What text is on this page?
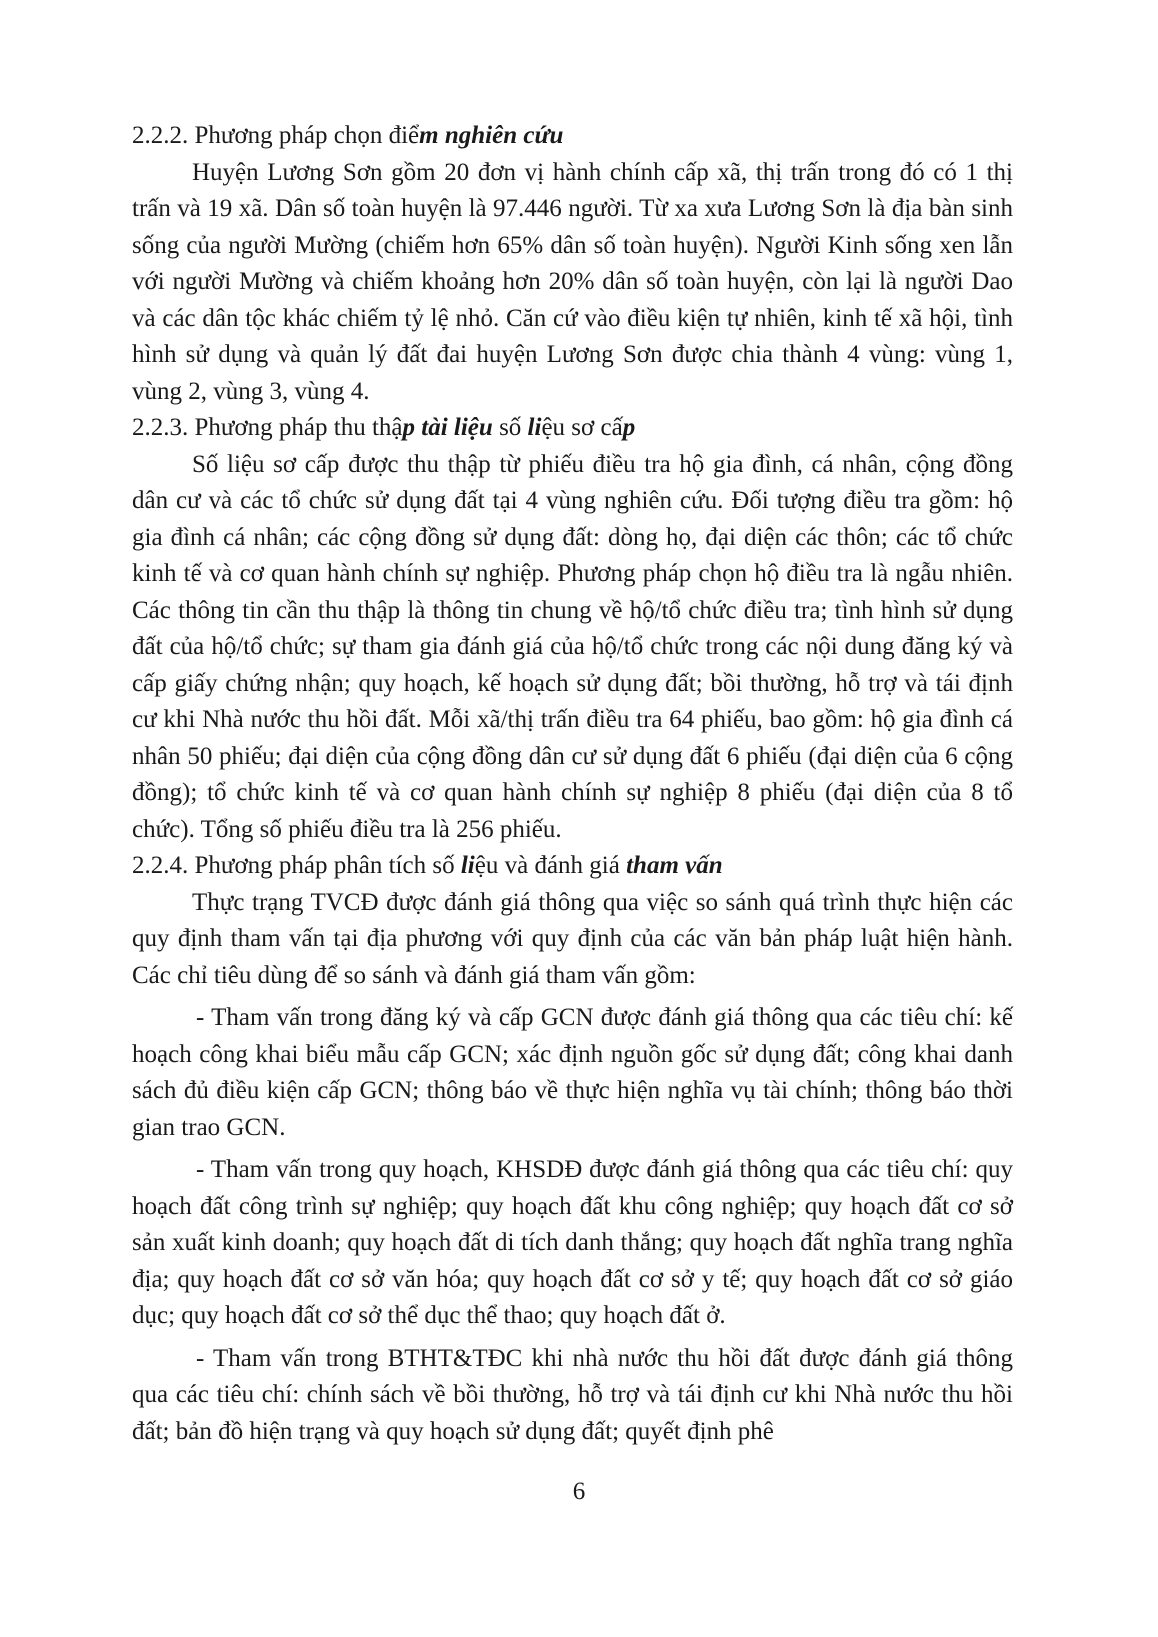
2.2.2. Phương pháp chọn điểm nghiên cứu

Huyện Lương Sơn gồm 20 đơn vị hành chính cấp xã, thị trấn trong đó có 1 thị trấn và 19 xã. Dân số toàn huyện là 97.446 người. Từ xa xưa Lương Sơn là địa bàn sinh sống của người Mường (chiếm hơn 65% dân số toàn huyện). Người Kinh sống xen lẫn với người Mường và chiếm khoảng hơn 20% dân số toàn huyện, còn lại là người Dao và các dân tộc khác chiếm tỷ lệ nhỏ. Căn cứ vào điều kiện tự nhiên, kinh tế xã hội, tình hình sử dụng và quản lý đất đai huyện Lương Sơn được chia thành 4 vùng: vùng 1, vùng 2, vùng 3, vùng 4.

2.2.3. Phương pháp thu thập tài liệu số liệu sơ cấp

Số liệu sơ cấp được thu thập từ phiếu điều tra hộ gia đình, cá nhân, cộng đồng dân cư và các tổ chức sử dụng đất tại 4 vùng nghiên cứu. Đối tượng điều tra gồm: hộ gia đình cá nhân; các cộng đồng sử dụng đất: dòng họ, đại diện các thôn; các tổ chức kinh tế và cơ quan hành chính sự nghiệp. Phương pháp chọn hộ điều tra là ngẫu nhiên. Các thông tin cần thu thập là thông tin chung về hộ/tổ chức điều tra; tình hình sử dụng đất của hộ/tổ chức; sự tham gia đánh giá của hộ/tổ chức trong các nội dung đăng ký và cấp giấy chứng nhận; quy hoạch, kế hoạch sử dụng đất; bồi thường, hỗ trợ và tái định cư khi Nhà nước thu hồi đất. Mỗi xã/thị trấn điều tra 64 phiếu, bao gồm: hộ gia đình cá nhân 50 phiếu; đại diện của cộng đồng dân cư sử dụng đất 6 phiếu (đại diện của 6 cộng đồng); tổ chức kinh tế và cơ quan hành chính sự nghiệp 8 phiếu (đại diện của 8 tổ chức). Tổng số phiếu điều tra là 256 phiếu.

2.2.4. Phương pháp phân tích số liệu và đánh giá tham vấn

Thực trạng TVCĐ được đánh giá thông qua việc so sánh quá trình thực hiện các quy định tham vấn tại địa phương với quy định của các văn bản pháp luật hiện hành. Các chỉ tiêu dùng để so sánh và đánh giá tham vấn gồm:

- Tham vấn trong đăng ký và cấp GCN được đánh giá thông qua các tiêu chí: kế hoạch công khai biểu mẫu cấp GCN; xác định nguồn gốc sử dụng đất; công khai danh sách đủ điều kiện cấp GCN; thông báo về thực hiện nghĩa vụ tài chính; thông báo thời gian trao GCN.

- Tham vấn trong quy hoạch, KHSDĐ được đánh giá thông qua các tiêu chí: quy hoạch đất công trình sự nghiệp; quy hoạch đất khu công nghiệp; quy hoạch đất cơ sở sản xuất kinh doanh; quy hoạch đất di tích danh thắng; quy hoạch đất nghĩa trang nghĩa địa; quy hoạch đất cơ sở văn hóa; quy hoạch đất cơ sở y tế; quy hoạch đất cơ sở giáo dục; quy hoạch đất cơ sở thể dục thể thao; quy hoạch đất ở.

- Tham vấn trong BTHT&TĐC khi nhà nước thu hồi đất được đánh giá thông qua các tiêu chí: chính sách về bồi thường, hỗ trợ và tái định cư khi Nhà nước thu hồi đất; bản đồ hiện trạng và quy hoạch sử dụng đất; quyết định phê

6
